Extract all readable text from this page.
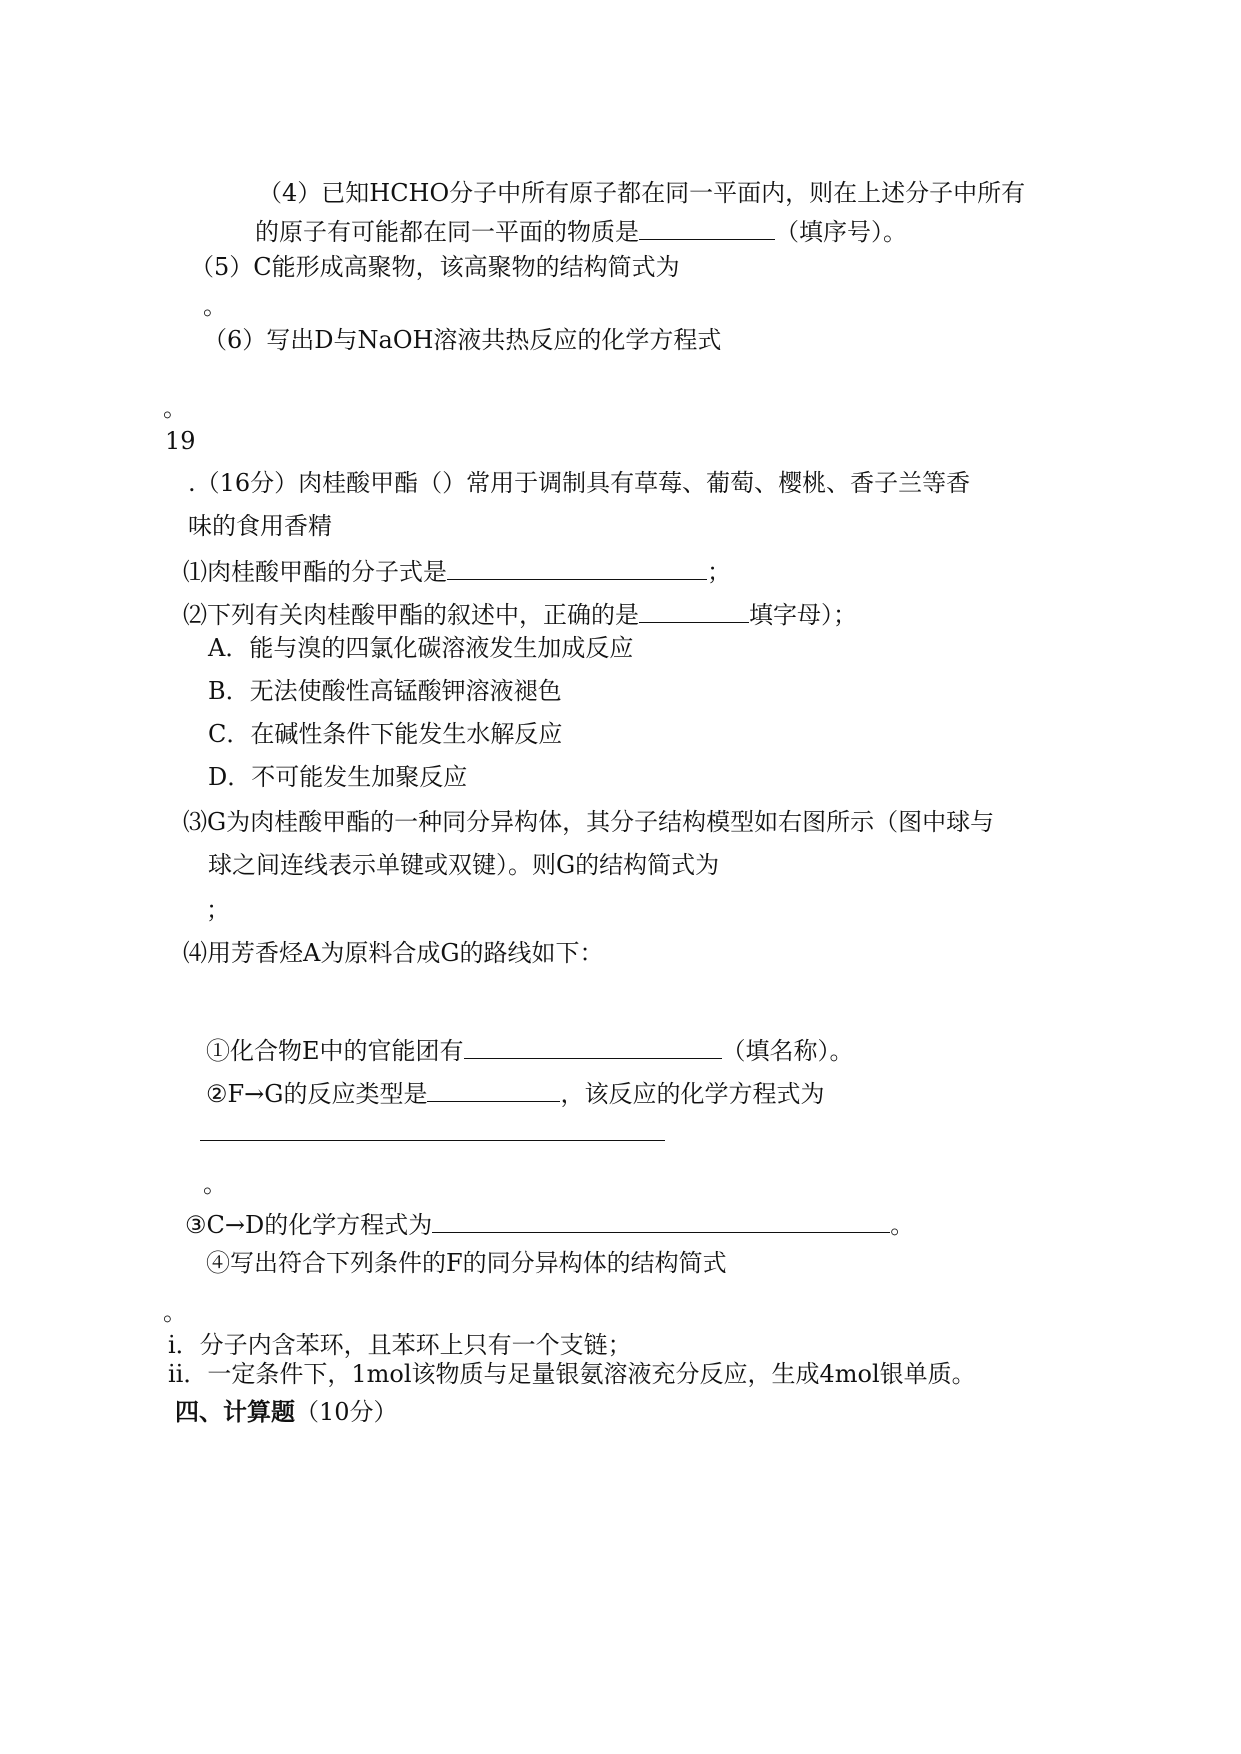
（4）已知HCHO分子中所有原子都在同一平面内，则在上述分子中所有
的原子有可能都在同一平面的物质是	（填序号）。
（5）C能形成高聚物，该高聚物的结构简式为
。
（6）写出D与NaOH溶液共热反应的化学方程式
。
19
.（16分）肉桂酸甲酯（）常用于调制具有草莓、葡萄、樱桃、香子兰等香
味的食用香精
⑴肉桂酸甲酯的分子式是	；
⑵下列有关肉桂酸甲酯的叙述中，正确的是	填字母）；
A．能与溴的四氯化碳溶液发生加成反应
B．无法使酸性高锰酸钾溶液褪色
C．在碱性条件下能发生水解反应
D．不可能发生加聚反应
⑶G为肉桂酸甲酯的一种同分异构体，其分子结构模型如右图所示（图中球与
球之间连线表示单键或双键）。则G的结构简式为
；
⑷用芳香烃A为原料合成G的路线如下：
①化合物E中的官能团有	（填名称）。
②F→G的反应类型是	，该反应的化学方程式为
。
③C→D的化学方程式为	。
④写出符合下列条件的F的同分异构体的结构简式
。
ⅰ．分子内含苯环，且苯环上只有一个支链；
ⅱ．一定条件下，1mol该物质与足量银氨溶液充分反应，生成4mol银单质。
四、计算题（10分）
